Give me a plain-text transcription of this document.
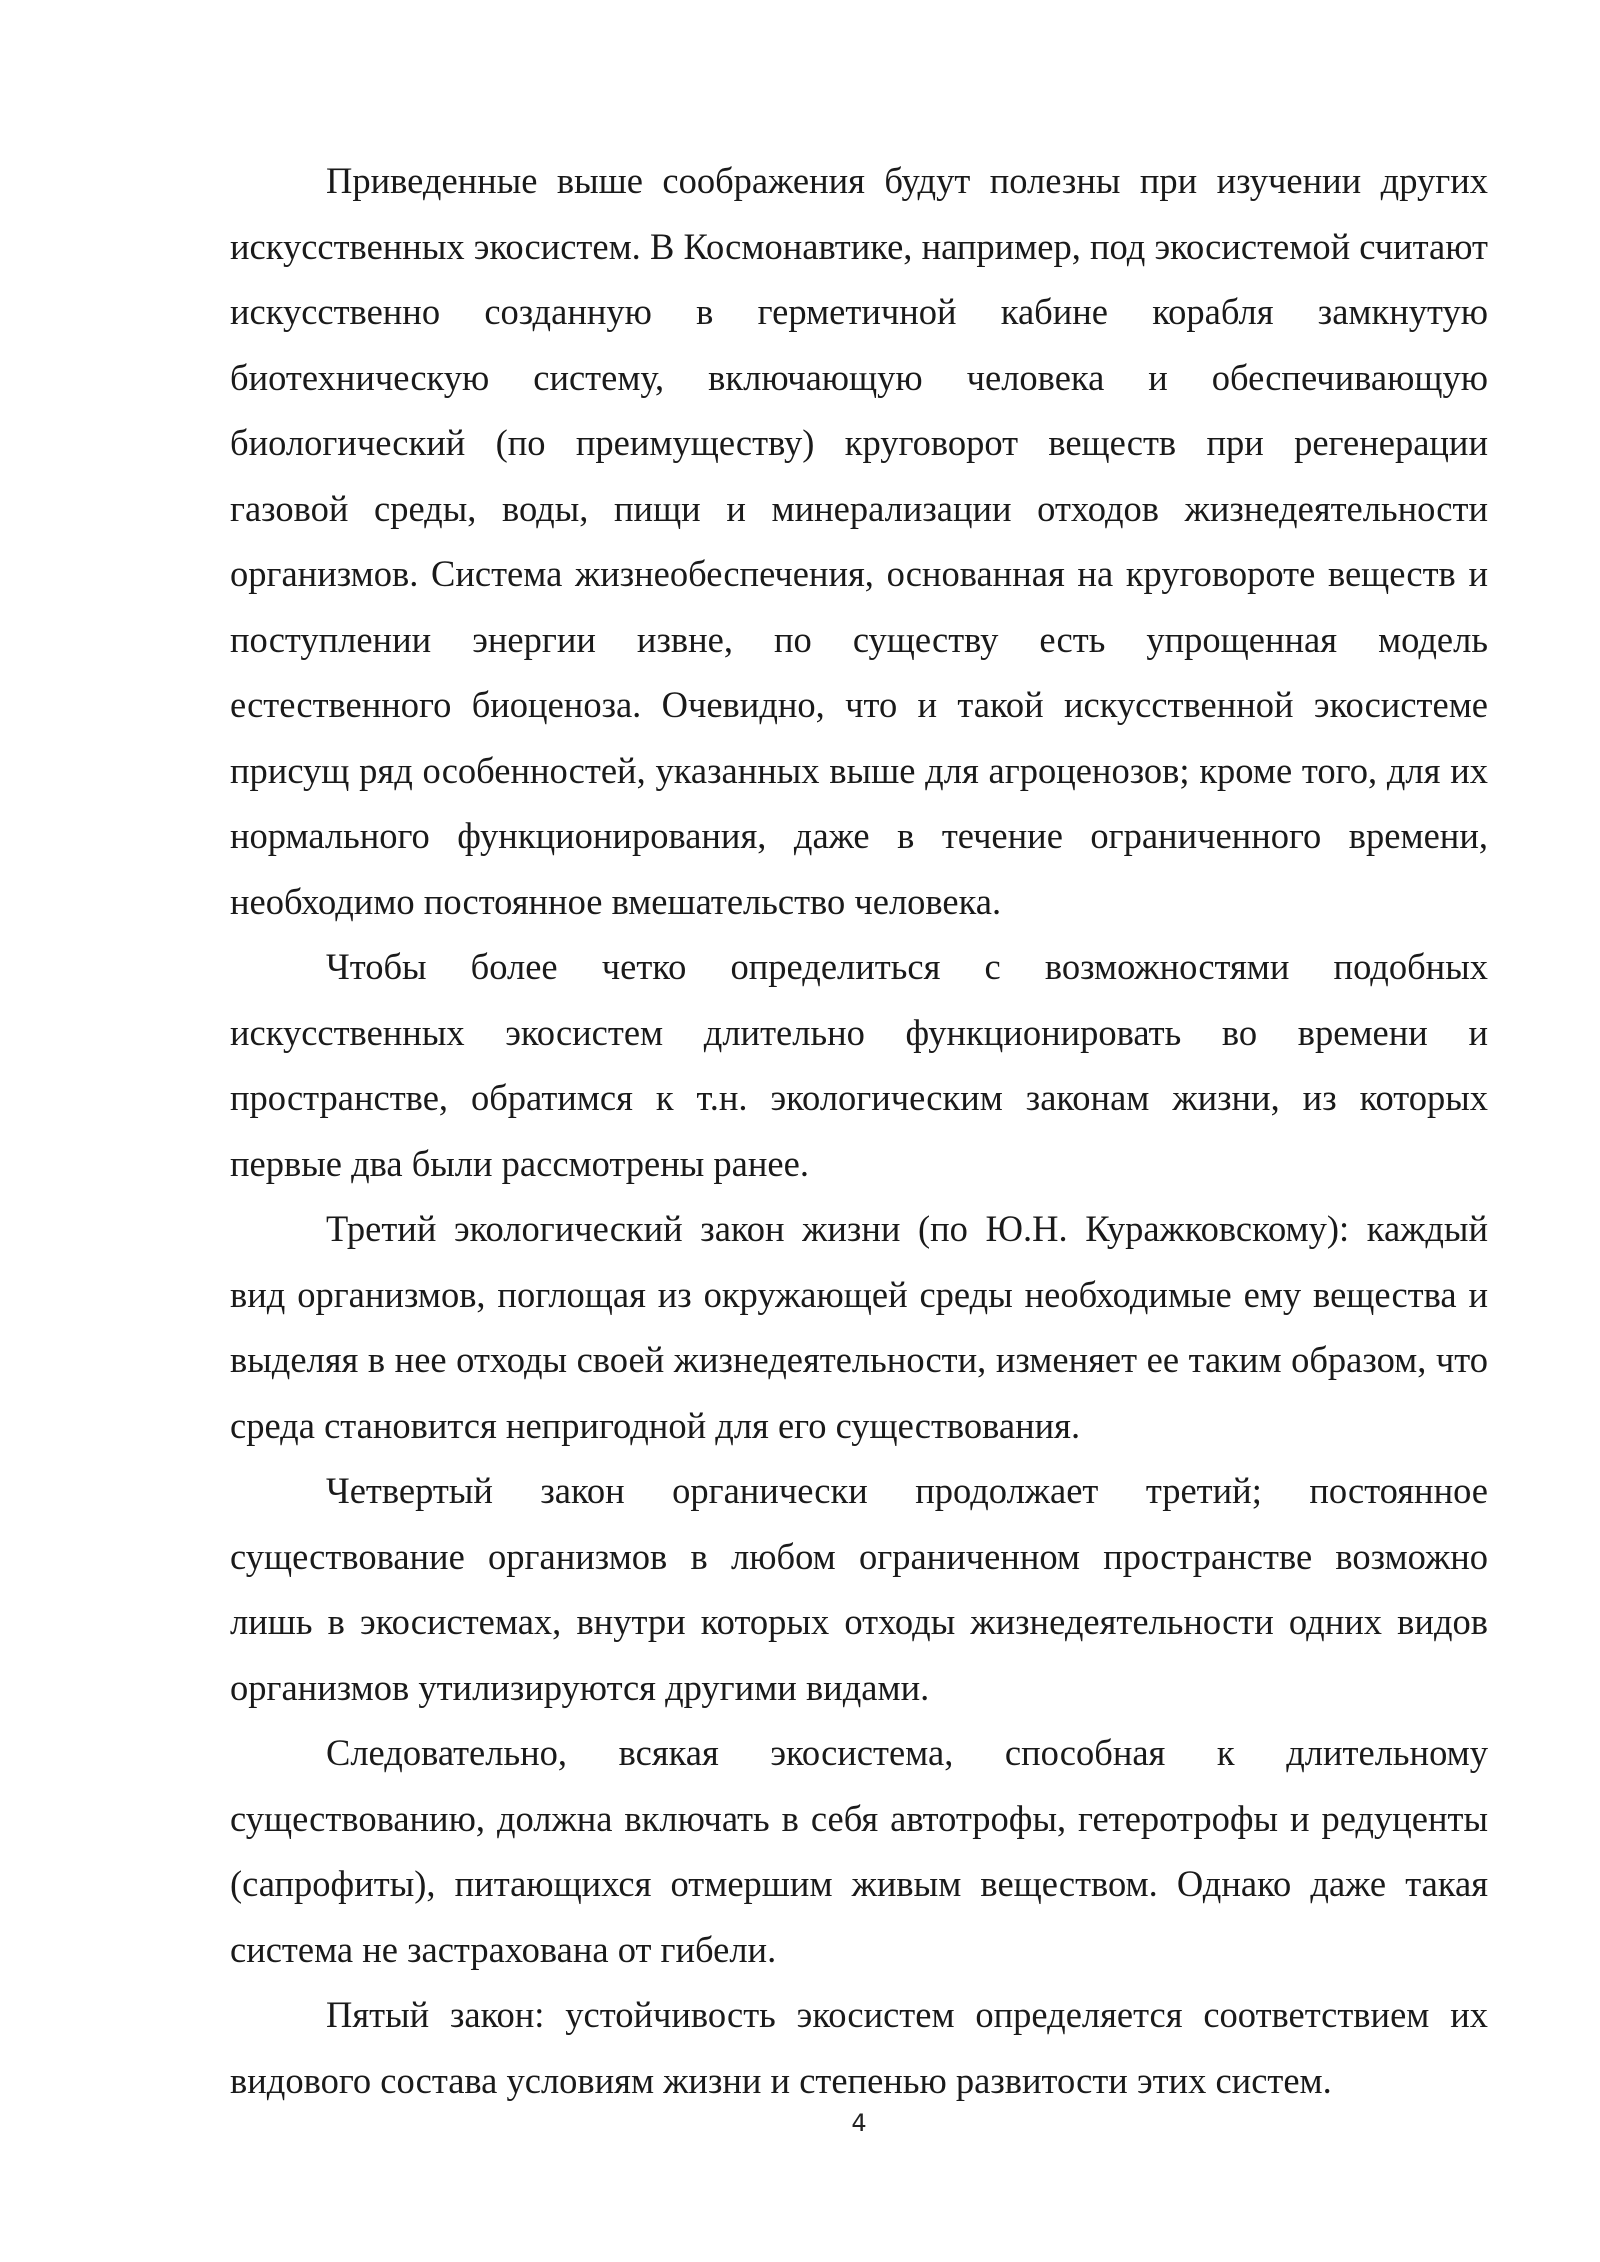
Приведенные выше соображения будут полезны при изучении других искусственных экосистем. В Космонавтике, например, под экосистемой считают искусственно созданную в герметичной кабине корабля замкнутую биотехническую систему, включающую человека и обеспечивающую биологический (по преимуществу) круговорот веществ при регенерации газовой среды, воды, пищи и минерализации отходов жизнедеятельности организмов. Система жизнеобеспечения, основанная на круговороте веществ и поступлении энергии извне, по существу есть упрощенная модель естественного биоценоза. Очевидно, что и такой искусственной экосистеме присущ ряд особенностей, указанных выше для агроценозов; кроме того, для их нормального функционирования, даже в течение ограниченного времени, необходимо постоянное вмешательство человека.

Чтобы более четко определиться с возможностями подобных искусственных экосистем длительно функционировать во времени и пространстве, обратимся к т.н. экологическим законам жизни, из которых первые два были рассмотрены ранее.

Третий экологический закон жизни (по Ю.Н. Куражковскому): каждый вид организмов, поглощая из окружающей среды необходимые ему вещества и выделяя в нее отходы своей жизнедеятельности, изменяет ее таким образом, что среда становится непригодной для его существования.

Четвертый закон органически продолжает третий; постоянное существование организмов в любом ограниченном пространстве возможно лишь в экосистемах, внутри которых отходы жизнедеятельности одних видов организмов утилизируются другими видами.

Следовательно, всякая экосистема, способная к длительному существованию, должна включать в себя автотрофы, гетеротрофы и редуценты (сапрофиты), питающихся отмершим живым веществом. Однако даже такая система не застрахована от гибели.

Пятый закон: устойчивость экосистем определяется соответствием их видового состава условиям жизни и степенью развитости этих систем.

4
